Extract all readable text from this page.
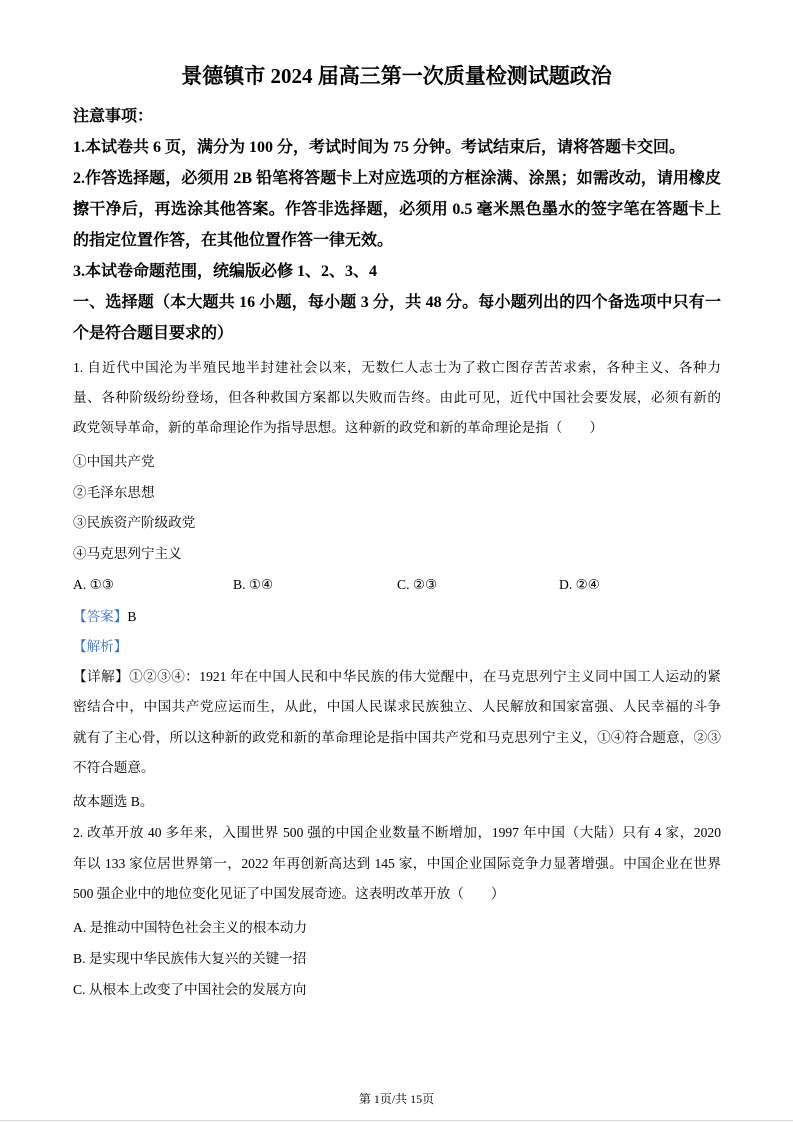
景德镇市 2024 届高三第一次质量检测试题政治
注意事项：
1.本试卷共 6 页，满分为 100 分，考试时间为 75 分钟。考试结束后，请将答题卡交回。
2.作答选择题，必须用 2B 铅笔将答题卡上对应选项的方框涂满、涂黑；如需改动，请用橡皮
擦干净后，再选涂其他答案。作答非选择题，必须用 0.5 毫米黑色墨水的签字笔在答题卡上
的指定位置作答，在其他位置作答一律无效。
3.本试卷命题范围，统编版必修 1、2、3、4
一、选择题（本大题共 16 小题，每小题 3 分，共 48 分。每小题列出的四个备选项中只有一
个是符合题目要求的）
1. 自近代中国沦为半殖民地半封建社会以来，无数仁人志士为了救亡图存苦苦求索，各种主义、各种力
量、各种阶级纷纷登场，但各种救国方案都以失败而告终。由此可见，近代中国社会要发展，必须有新的
政党领导革命，新的革命理论作为指导思想。这种新的政党和新的革命理论是指（　　）
①中国共产党
②毛泽东思想
③民族资产阶级政党
④马克思列宁主义
A. ①③	B. ①④	C. ②③	D. ②④
【答案】B
【解析】
【详解】①②③④：1921 年在中国人民和中华民族的伟大觉醒中，在马克思列宁主义同中国工人运动的紧
密结合中，中国共产党应运而生，从此，中国人民谋求民族独立、人民解放和国家富强、人民幸福的斗争
就有了主心骨，所以这种新的政党和新的革命理论是指中国共产党和马克思列宁主义，①④符合题意，②③
不符合题意。
故本题选 B。
2. 改革开放 40 多年来，入围世界 500 强的中国企业数量不断增加，1997 年中国（大陆）只有 4 家，2020
年以 133 家位居世界第一，2022 年再创新高达到 145 家，中国企业国际竞争力显著增强。中国企业在世界
500 强企业中的地位变化见证了中国发展奇迹。这表明改革开放（　　）
A. 是推动中国特色社会主义的根本动力
B. 是实现中华民族伟大复兴的关键一招
C. 从根本上改变了中国社会的发展方向
第 1页/共 15页
